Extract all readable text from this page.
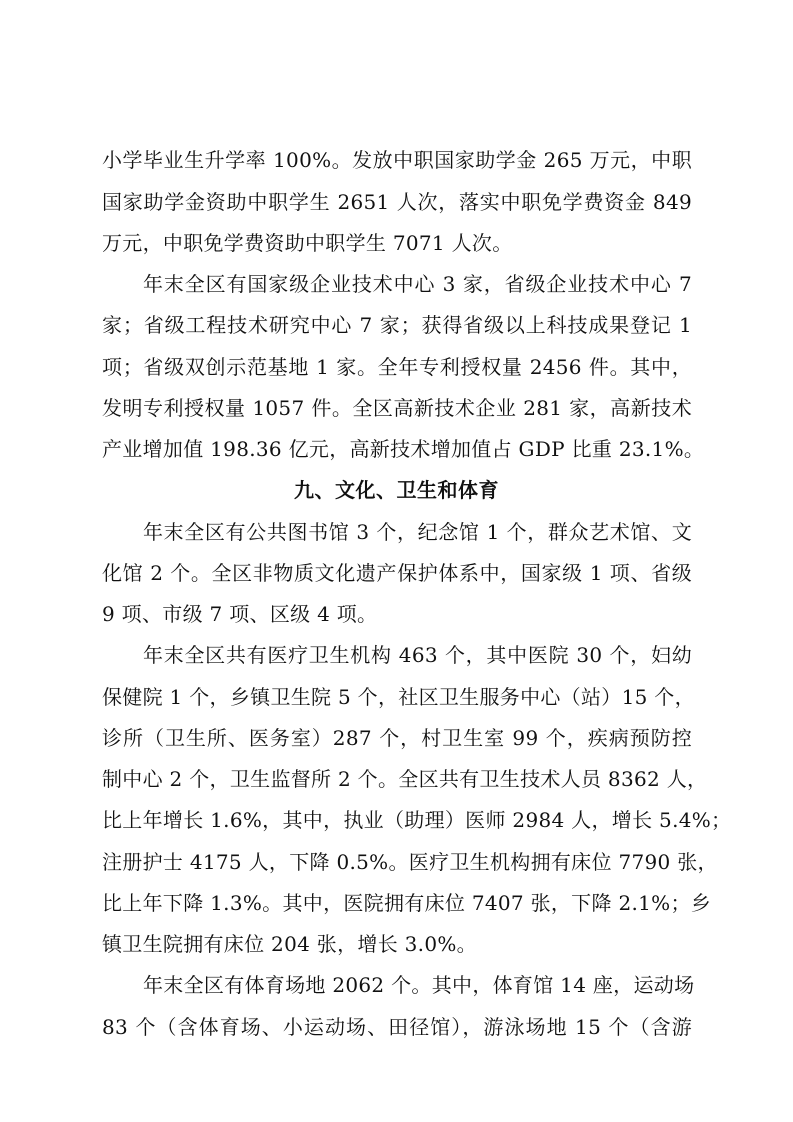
小学毕业生升学率 100%。发放中职国家助学金 265 万元，中职
国家助学金资助中职学生 2651 人次，落实中职免学费资金 849
万元，中职免学费资助中职学生 7071 人次。
年末全区有国家级企业技术中心 3 家，省级企业技术中心 7
家；省级工程技术研究中心 7 家；获得省级以上科技成果登记 1
项；省级双创示范基地 1 家。全年专利授权量 2456 件。其中，
发明专利授权量 1057 件。全区高新技术企业 281 家，高新技术
产业增加值 198.36 亿元，高新技术增加值占 GDP 比重 23.1%。
九、文化、卫生和体育
年末全区有公共图书馆 3 个，纪念馆 1 个，群众艺术馆、文
化馆 2 个。全区非物质文化遗产保护体系中，国家级 1 项、省级
9 项、市级 7 项、区级 4 项。
年末全区共有医疗卫生机构 463 个，其中医院 30 个，妇幼
保健院 1 个，乡镇卫生院 5 个，社区卫生服务中心（站）15 个，
诊所（卫生所、医务室）287 个，村卫生室 99 个，疾病预防控
制中心 2 个，卫生监督所 2 个。全区共有卫生技术人员 8362 人，
比上年增长 1.6%，其中，执业（助理）医师 2984 人，增长 5.4%；
注册护士 4175 人，下降 0.5%。医疗卫生机构拥有床位 7790 张，
比上年下降 1.3%。其中，医院拥有床位 7407 张，下降 2.1%；乡
镇卫生院拥有床位 204 张，增长 3.0%。
年末全区有体育场地 2062 个。其中，体育馆 14 座，运动场
83 个（含体育场、小运动场、田径馆），游泳场地 15 个（含游
